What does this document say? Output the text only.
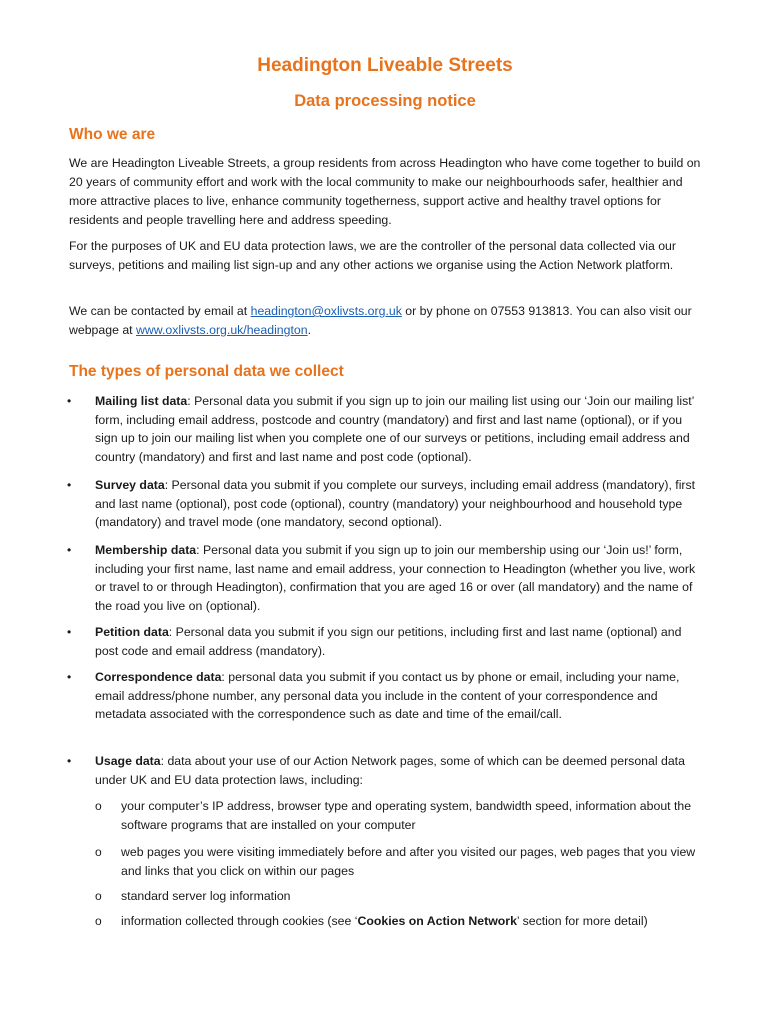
Headington Liveable Streets
Data processing notice
Who we are
We are Headington Liveable Streets, a group residents from across Headington who have come together to build on 20 years of community effort and work with the local community to make our neighbourhoods safer, healthier and more attractive places to live, enhance community togetherness, support active and healthy travel options for residents and people travelling here and address speeding.
For the purposes of UK and EU data protection laws, we are the controller of the personal data collected via our surveys, petitions and mailing list sign-up and any other actions we organise using the Action Network platform.
We can be contacted by email at headington@oxlivsts.org.uk or by phone on 07553 913813. You can also visit our webpage at www.oxlivsts.org.uk/headington.
The types of personal data we collect
• Mailing list data: Personal data you submit if you sign up to join our mailing list using our ‘Join our mailing list’ form, including email address, postcode and country (mandatory) and first and last name (optional), or if you sign up to join our mailing list when you complete one of our surveys or petitions, including email address and country (mandatory) and first and last name and post code (optional).
• Survey data: Personal data you submit if you complete our surveys, including email address (mandatory), first and last name (optional), post code (optional), country (mandatory) your neighbourhood and household type (mandatory) and travel mode (one mandatory, second optional).
• Membership data: Personal data you submit if you sign up to join our membership using our ‘Join us!’ form, including your first name, last name and email address, your connection to Headington (whether you live, work or travel to or through Headington), confirmation that you are aged 16 or over (all mandatory) and the name of the road you live on (optional).
• Petition data: Personal data you submit if you sign our petitions, including first and last name (optional) and post code and email address (mandatory).
• Correspondence data: personal data you submit if you contact us by phone or email, including your name, email address/phone number, any personal data you include in the content of your correspondence and metadata associated with the correspondence such as date and time of the email/call.
• Usage data: data about your use of our Action Network pages, some of which can be deemed personal data under UK and EU data protection laws, including:
o your computer’s IP address, browser type and operating system, bandwidth speed, information about the software programs that are installed on your computer
o web pages you were visiting immediately before and after you visited our pages, web pages that you view and links that you click on within our pages
o standard server log information
o information collected through cookies (see ‘Cookies on Action Network’ section for more detail)
